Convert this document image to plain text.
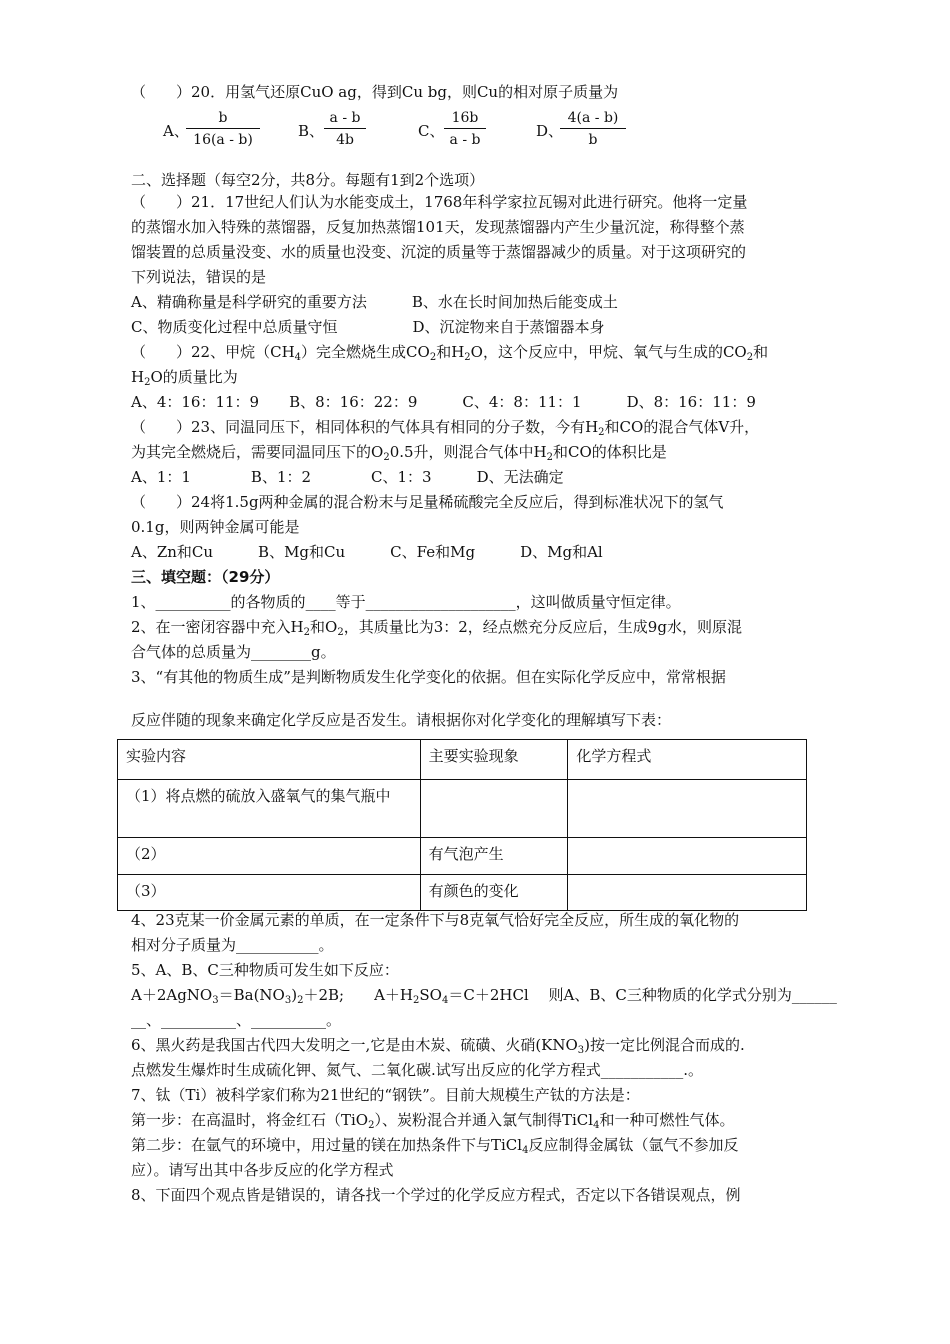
（　　）20．用氢气还原CuO ag，得到Cu bg，则Cu的相对原子质量为
A、
$\frac{b}{16(a - b)}$	B、 $\frac{a - b}{4b}$	C、 $\frac{16b}{a - b}$	D、
$\frac{4(a - b)}{b}$
二、选择题（每空2分，共8分。每题有1到2个选项）
（　　）21．17世纪人们认为水能变成土，1768年科学家拉瓦锡对此进行研究。他将一定量
的蒸馏水加入特殊的蒸馏器，反复加热蒸馏101天，发现蒸馏器内产生少量沉淀，称得整个蒸
馏装置的总质量没变、水的质量也没变、沉淀的质量等于蒸馏器减少的质量。对于这项研究的
下列说法，错误的是
A、精确称量是科学研究的重要方法　　　B、水在长时间加热后能变成土
C、物质变化过程中总质量守恒　　　　　D、沉淀物来自于蒸馏器本身
（　　）22、甲烷$(CH_4)$完全燃烧生成$CO_2$和$H_2O$，这个反应中，甲烷、氧气与生成的$CO_2$和
$H_2O$的质量比为
A、4：16：11：9　　B、8：16：22：9　　　C、4：8：11：1　　　D、8：16：11：9
（　　）23、同温同压下，相同体积的气体具有相同的分子数，今有$H_2$和CO的混合气体V升，
为其完全燃烧后，需要同温同压下的$O_20.5$升，则混合气体中$H_2$和CO的体积比是
A、1：1　　　　B、1：2　　　　C、1：3　　　D、无法确定
（　　）24将1.5g两种金属的混合粉末与足量稀硫酸完全反应后，得到标准状况下的氢气
0.1g，则两钟金属可能是
A、Zn和Cu　　　B、Mg和Cu　　　C、Fe和Mg　　　D、Mg和Al
三、填空题：（29分）
1、__________的各物质的____等于____________________，这叫做质量守恒定律。
2、在一密闭容器中充入$H_2$和$O_2$，其质量比为3：2，经点燃充分反应后，生成9g水，则原混
合气体的总质量为________g。
3、“有其他的物质生成”是判断物质发生化学变化的依据。但在实际化学反应中，常常根据
反应伴随的现象来确定化学反应是否发生。请根据你对化学变化的理解填写下表：
实验内容	主要实验现象	化学方程式

（1）将点燃的硫放入盛氧气的集气瓶中		

（2）	有气泡产生	
（3）	有颜色的变化	
4、23克某一价金属元素的单质，在一定条件下与8克氧气恰好完全反应，所生成的氧化物的
相对分子质量为___________。
5、A、B、C三种物质可发生如下反应：
$A+2AgNO_3=Ba(NO_3)_2+2B$;　　$A+H_2SO_4=C+2HCl$　 则A、B、C三种物质的化学式分别为______
__、__________、__________。
6、黑火药是我国古代四大发明之一,它是由木炭、硫磺、火硝$(KNO_3)$按一定比例混合而成的.
点燃发生爆炸时生成硫化钾、氮气、二氧化碳.试写出反应的化学方程式___________.。
7、钛（Ti）被科学家们称为21世纪的“钢铁”。目前大规模生产钛的方法是：
第一步：在高温时，将金红石（TiO$_2$）、炭粉混合并通入氯气制得TiCl$_4$和一种可燃性气体。
第二步：在氩气的环境中，用过量的镁在加热条件下与TiCl$_4$反应制得金属钛（氩气不参加反
应）。请写出其中各步反应的化学方程式
8、下面四个观点皆是错误的，请各找一个学过的化学反应方程式，否定以下各错误观点，例
